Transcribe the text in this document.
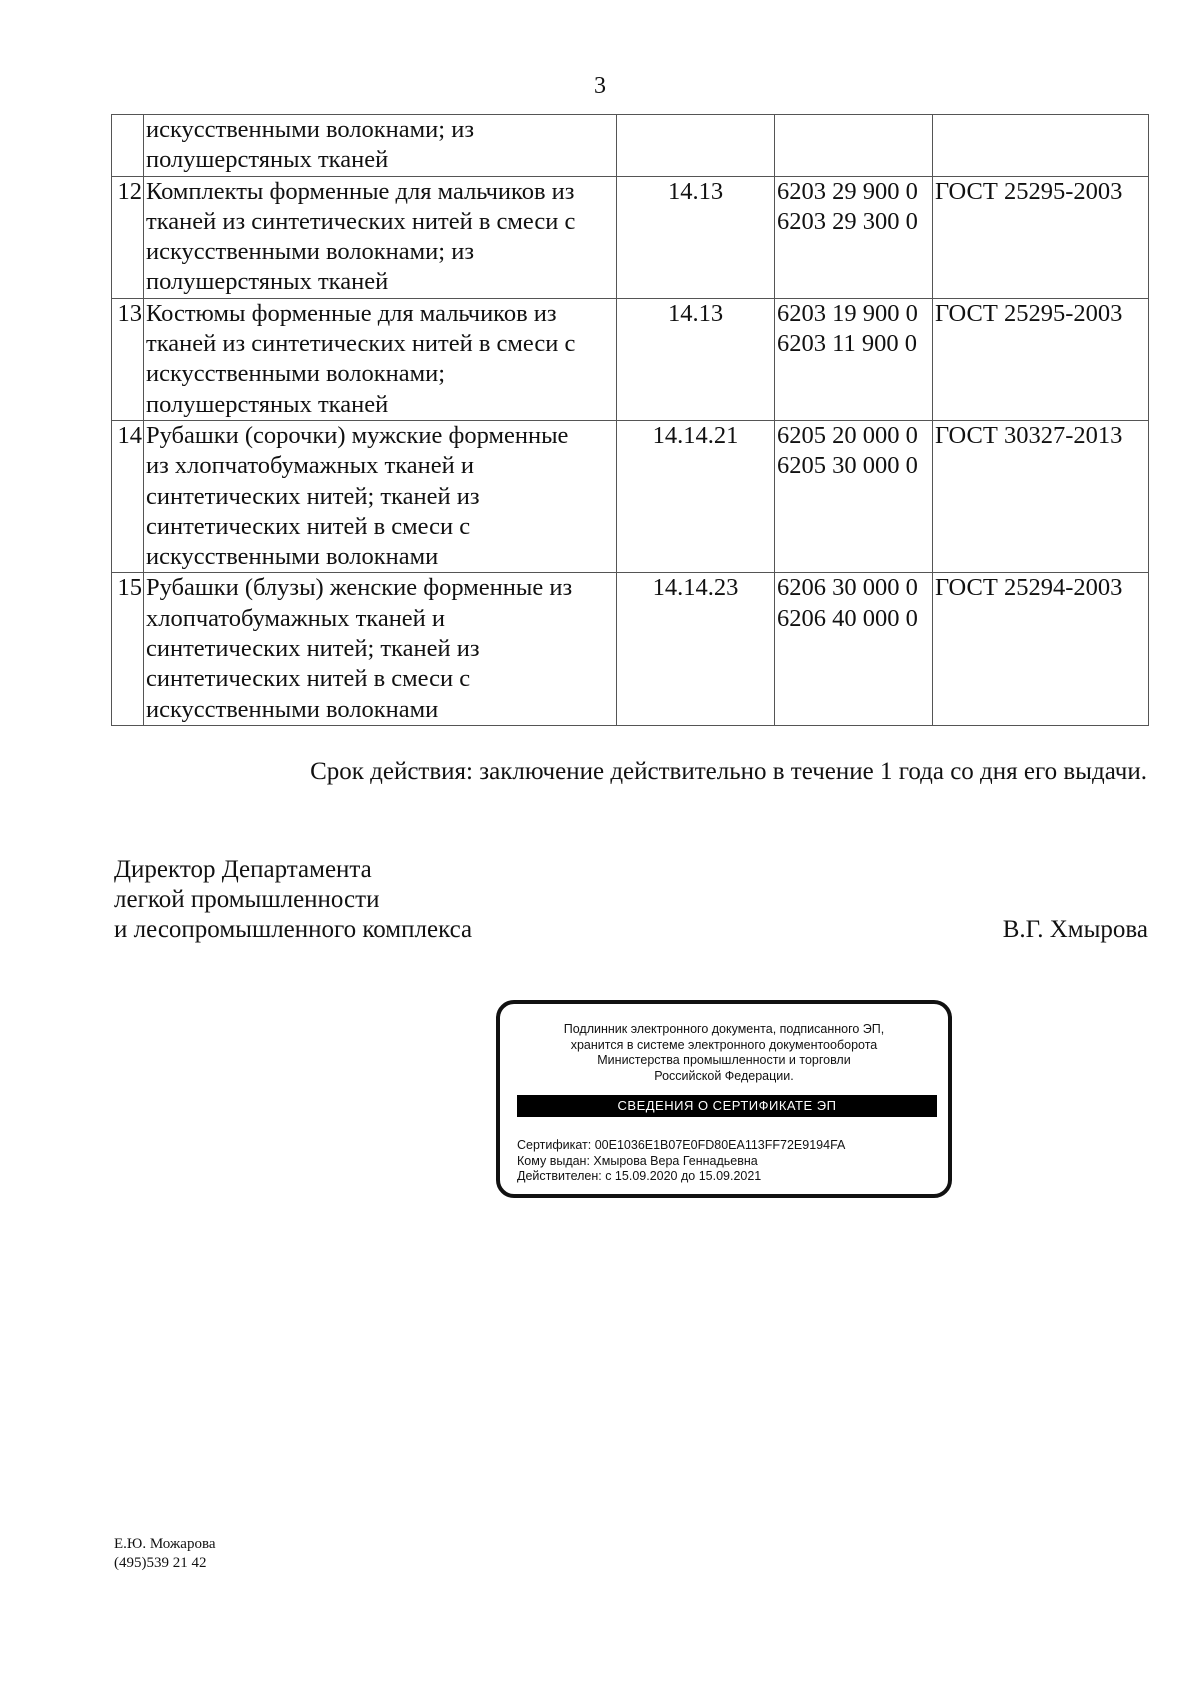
3

	искусственными волокнами; из
полушерстяных тканей			

12	Комплекты форменные для мальчиков из
тканей из синтетических нитей в смеси с
искусственными волокнами; из
полушерстяных тканей	14.13	6203 29 900 0
6203 29 300 0	ГОСТ 25295-2003
13	Костюмы форменные для мальчиков из
тканей из синтетических нитей в смеси с
искусственными волокнами;
полушерстяных тканей	14.13	6203 19 900 0
6203 11 900 0	ГОСТ 25295-2003
14	Рубашки (сорочки) мужские форменные
из хлопчатобумажных тканей и
синтетических нитей; тканей из
синтетических нитей в смеси с
искусственными волокнами	14.14.21	6205 20 000 0
6205 30 000 0	ГОСТ 30327-2013
15	Рубашки (блузы) женские форменные из
хлопчатобумажных тканей и
синтетических нитей; тканей из
синтетических нитей в смеси с
искусственными волокнами	14.14.23	6206 30 000 0
6206 40 000 0	ГОСТ 25294-2003
Срок действия: заключение действительно в течение 1 года со дня его выдачи.
Директор Департамента
легкой промышленности
и лесопромышленного комплекса	В.Г. Хмырова
Подлинник электронного документа, подписанного ЭП,
хранится в системе электронного документооборота
Министерства промышленности и торговли
Российской Федерации.
СВЕДЕНИЯ О СЕРТИФИКАТЕ ЭП
Сертификат: 00E1036E1B07E0FD80EA113FF72E9194FA
Кому выдан: Хмырова Вера Геннадьевна
Действителен: с 15.09.2020 до 15.09.2021
Е.Ю. Можарова
(495)539 21 42
